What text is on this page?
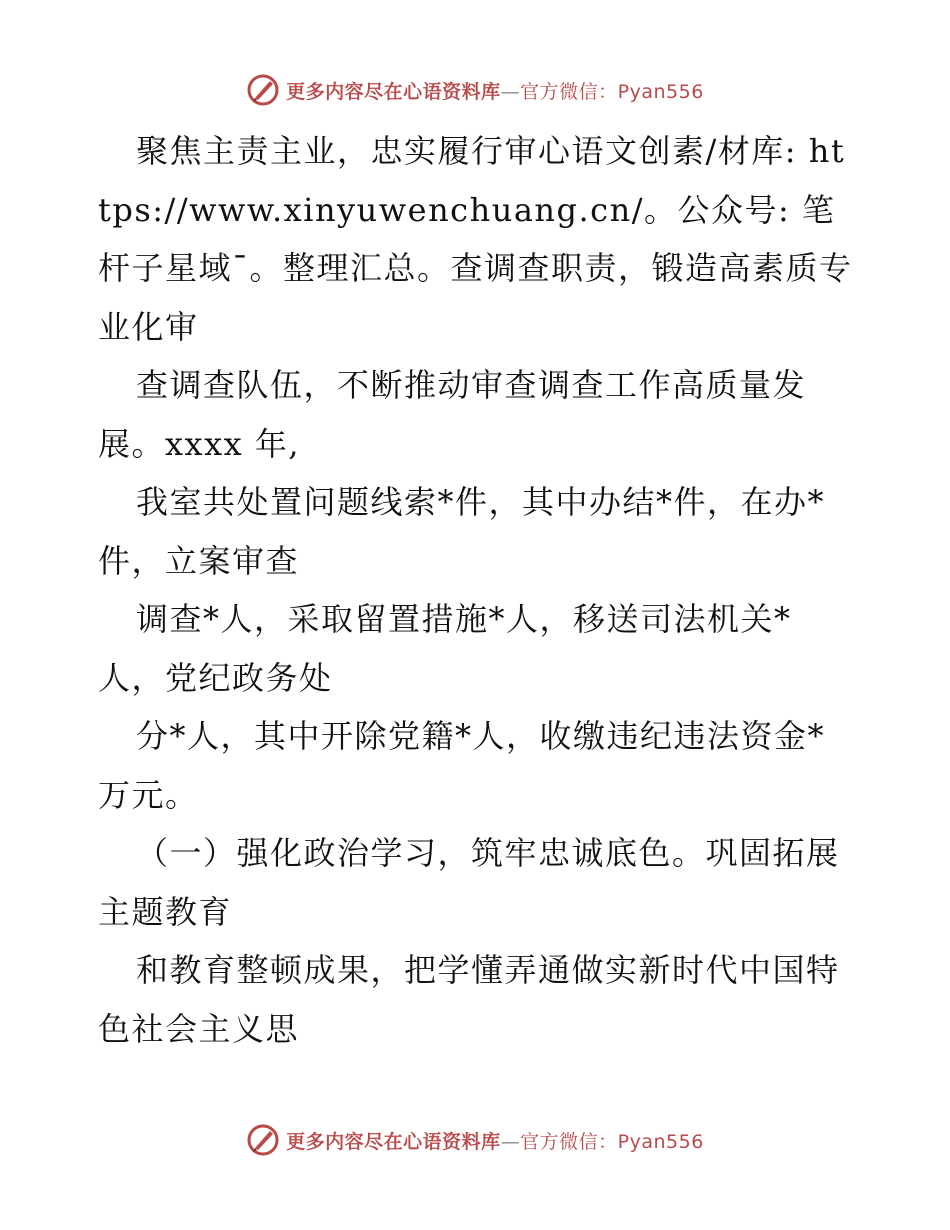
更多内容尽在心语资料库—官方微信：Pyan556

聚焦主责主业，忠实履行审心语文创素/材库: https://www.xinyuwenchuang.cn/。公众号: 笔杆子星域¯。整理汇总。查调查职责，锻造高素质专业化审

查调查队伍，不断推动审查调查工作高质量发展。xxxx 年,

我室共处置问题线索*件，其中办结*件，在办*件，立案审查

调查*人，采取留置措施*人，移送司法机关*人，党纪政务处

分*人，其中开除党籍*人，收缴违纪违法资金*万元。

（一）强化政治学习，筑牢忠诚底色。巩固拓展主题教育

和教育整顿成果，把学懂弄通做实新时代中国特色社会主义思

更多内容尽在心语资料库—官方微信：Pyan556
